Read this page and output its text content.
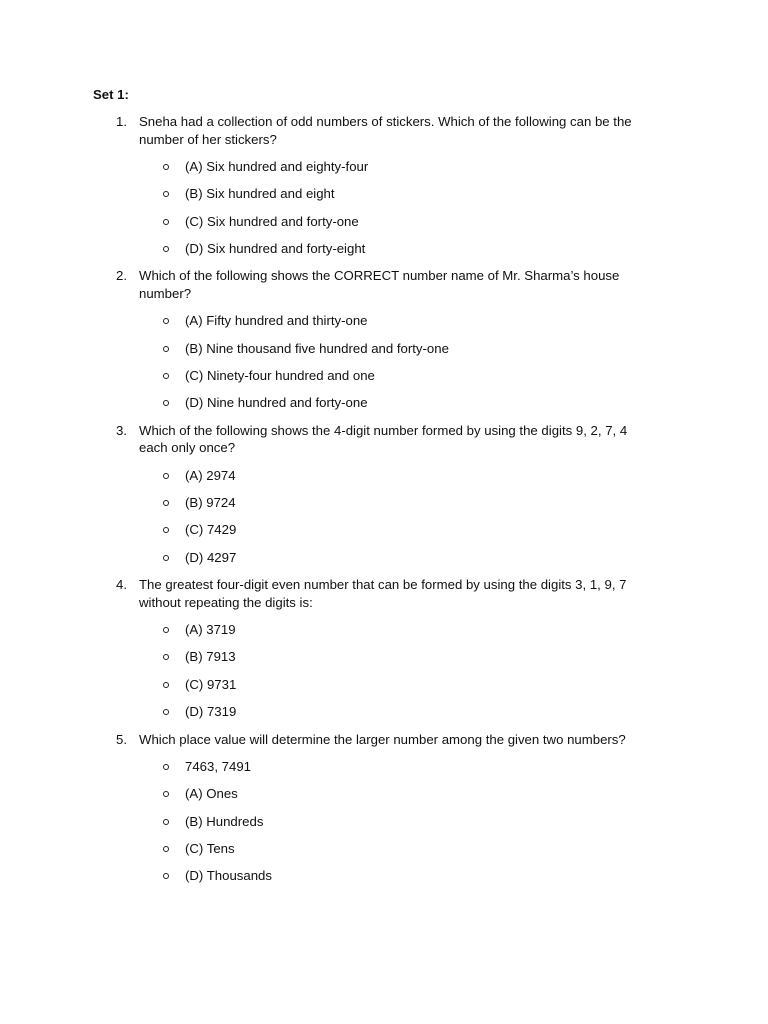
Set 1:

1. Sneha had a collection of odd numbers of stickers. Which of the following can be the number of her stickers?
(A) Six hundred and eighty-four
(B) Six hundred and eight
(C) Six hundred and forty-one
(D) Six hundred and forty-eight
2. Which of the following shows the CORRECT number name of Mr. Sharma’s house number?
(A) Fifty hundred and thirty-one
(B) Nine thousand five hundred and forty-one
(C) Ninety-four hundred and one
(D) Nine hundred and forty-one
3. Which of the following shows the 4-digit number formed by using the digits 9, 2, 7, 4 each only once?
(A) 2974
(B) 9724
(C) 7429
(D) 4297
4. The greatest four-digit even number that can be formed by using the digits 3, 1, 9, 7 without repeating the digits is:
(A) 3719
(B) 7913
(C) 9731
(D) 7319
5. Which place value will determine the larger number among the given two numbers?
7463, 7491
(A) Ones
(B) Hundreds
(C) Tens
(D) Thousands
